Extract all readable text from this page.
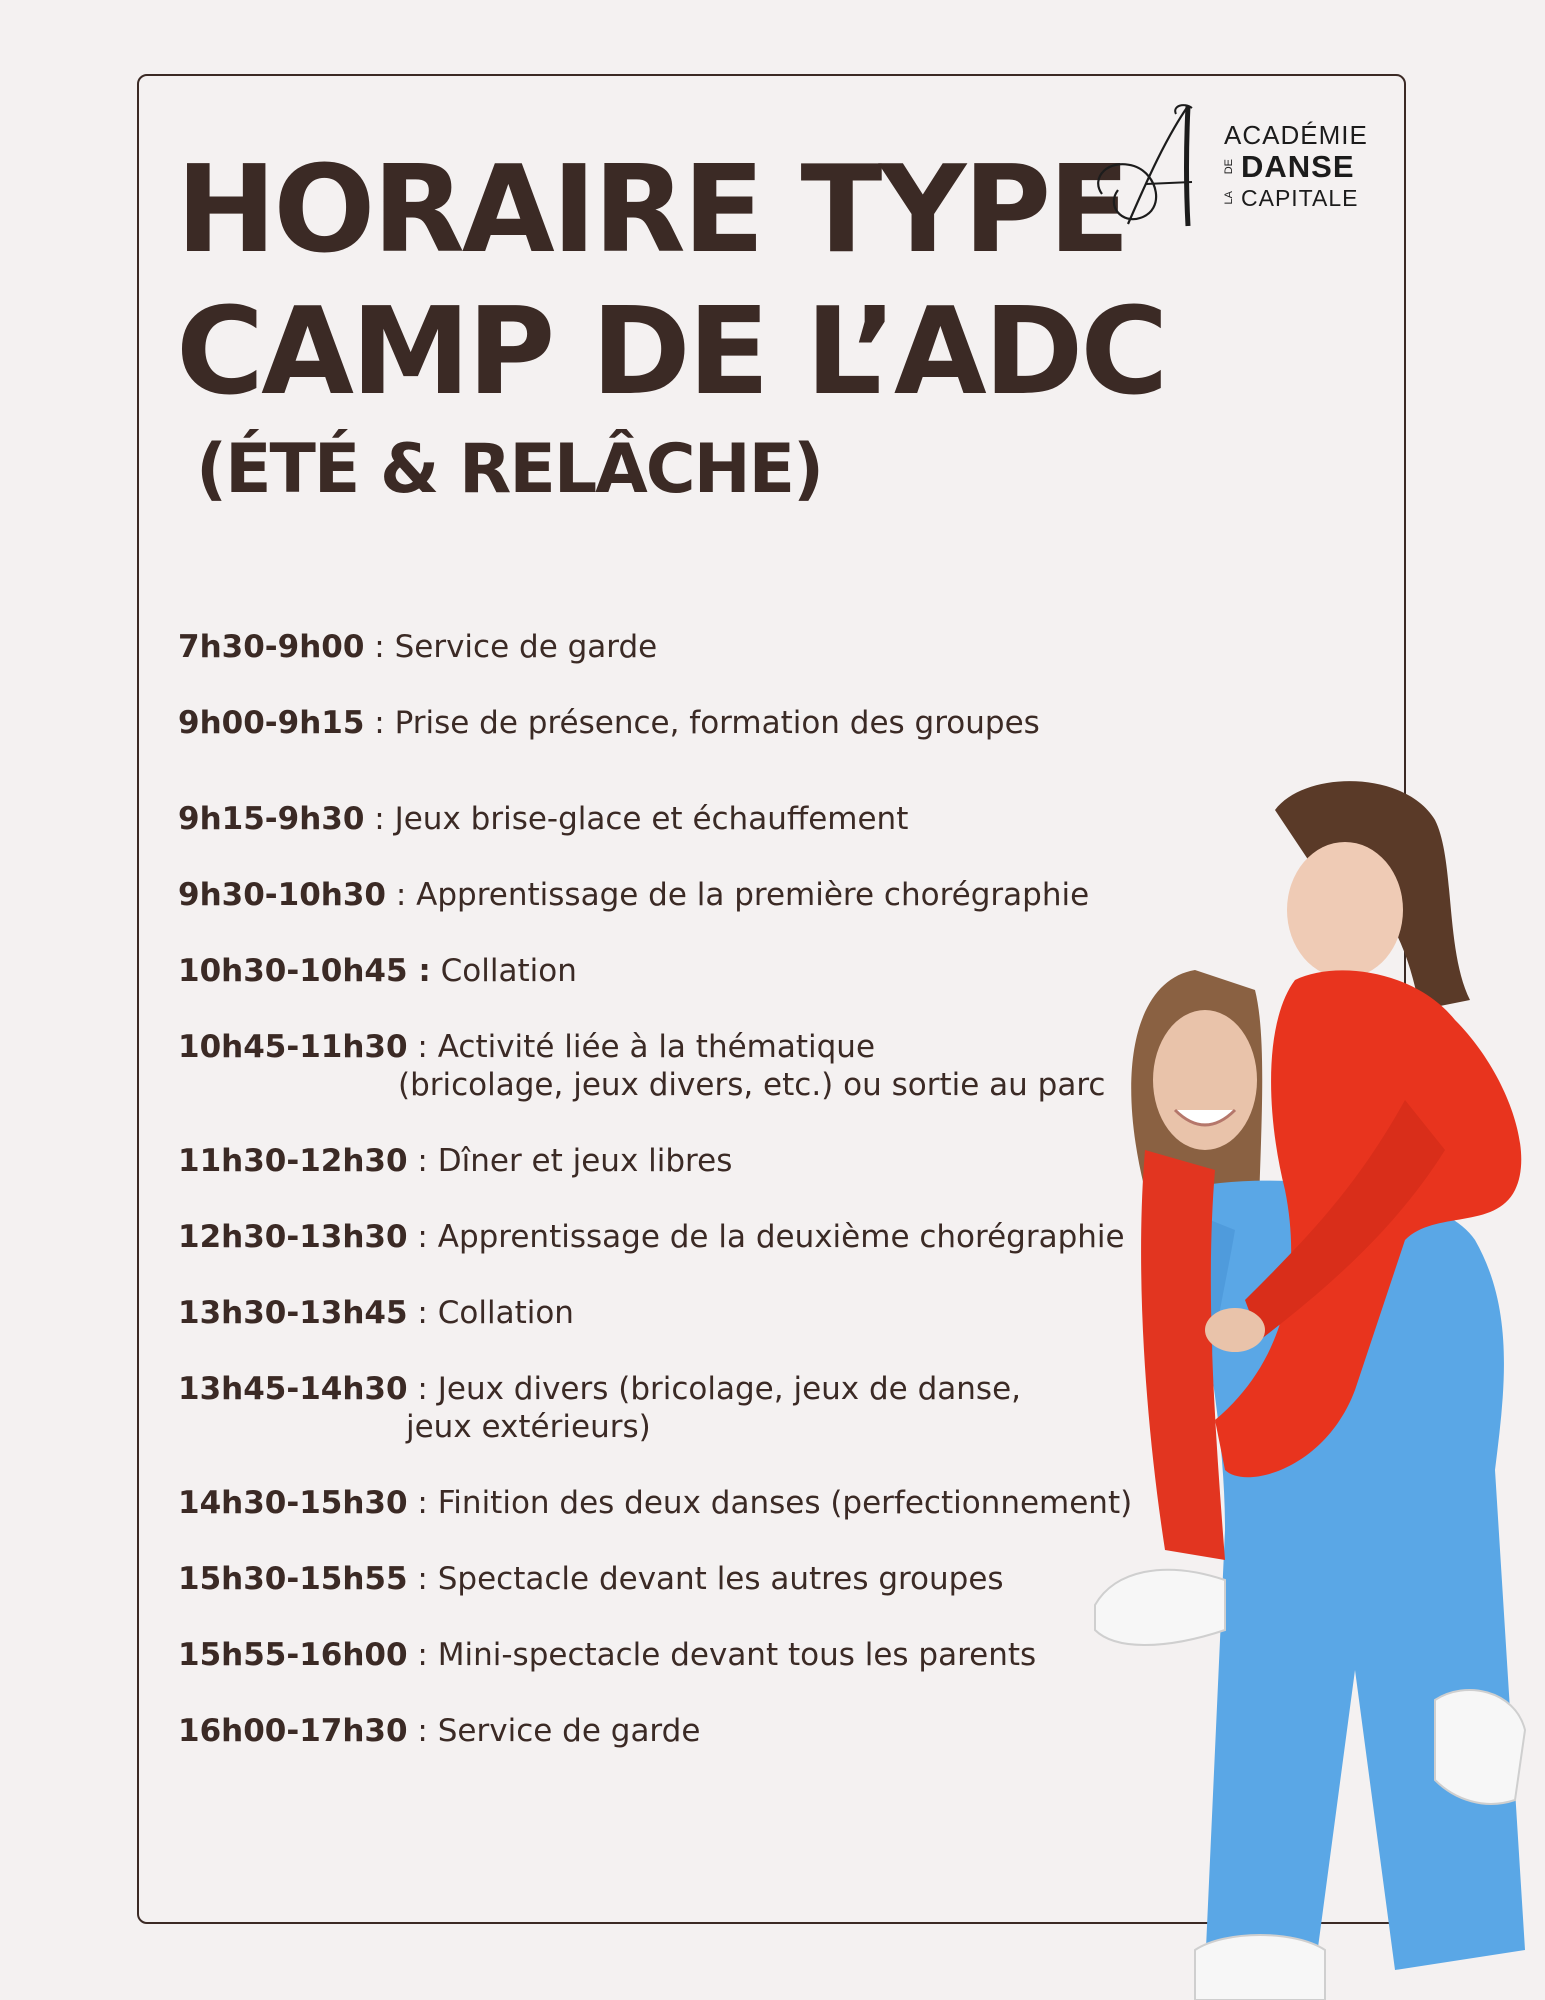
HORAIRE TYPE
CAMP DE L’ADC
(ÉTÉ & RELÂCHE)
ACADÉMIE
DE DANSE
LA CAPITALE
7h30-9h00 : Service de garde
9h00-9h15 : Prise de présence, formation des groupes
9h15-9h30 : Jeux brise-glace et échauffement
9h30-10h30 : Apprentissage de la première chorégraphie
10h30-10h45 : Collation
10h45-11h30 : Activité liée à la thématique
(bricolage, jeux divers, etc.) ou sortie au parc
11h30-12h30 : Dîner et jeux libres
12h30-13h30 : Apprentissage de la deuxième chorégraphie
13h30-13h45 : Collation
13h45-14h30 : Jeux divers (bricolage, jeux de danse,
jeux extérieurs)
14h30-15h30 : Finition des deux danses (perfectionnement)
15h30-15h55 : Spectacle devant les autres groupes
15h55-16h00 : Mini-spectacle devant tous les parents
16h00-17h30 : Service de garde
